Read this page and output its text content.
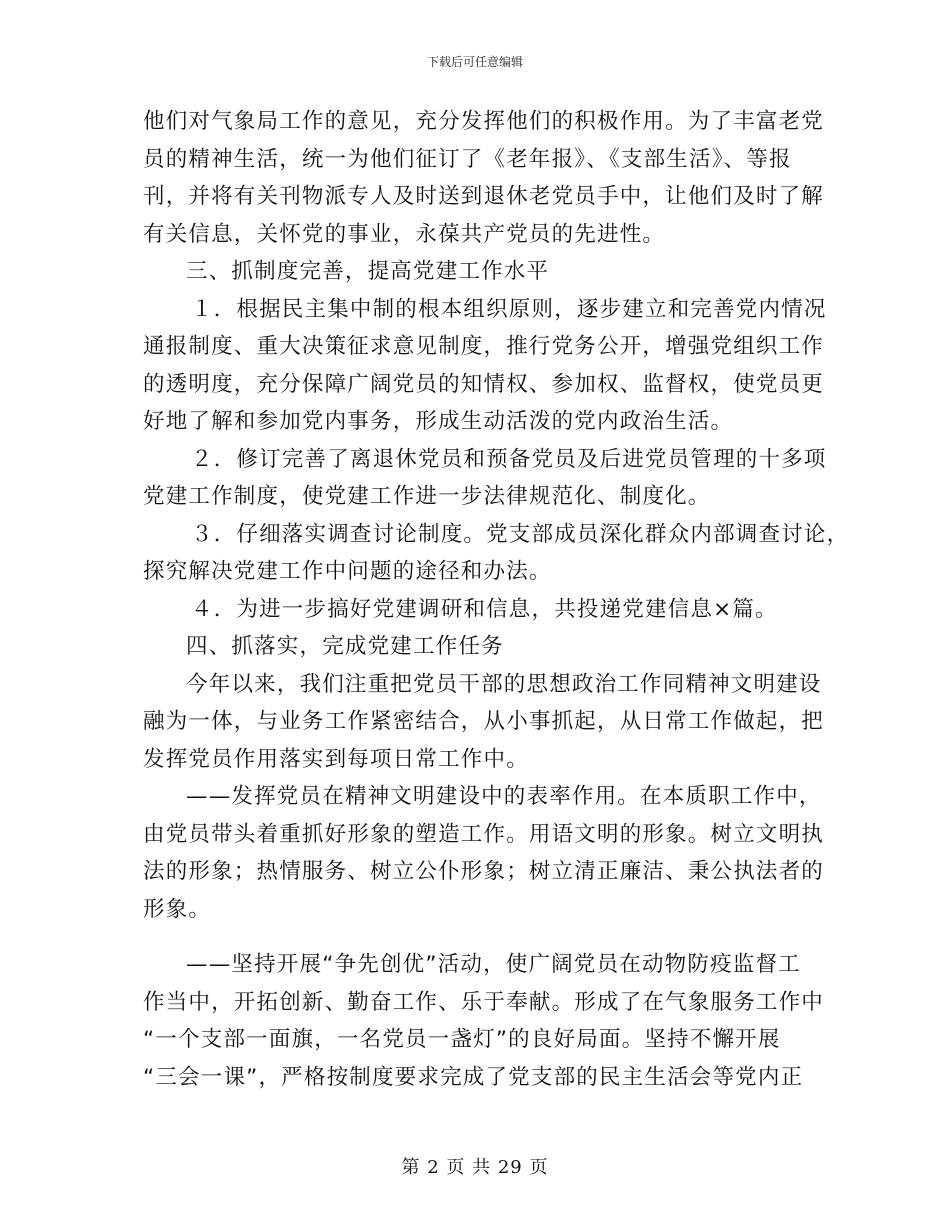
下载后可任意编辑
他们对气象局工作的意见，充分发挥他们的积极作用。为了丰富老党
员的精神生活，统一为他们征订了《老年报》、《支部生活》、等报
刊，并将有关刊物派专人及时送到退休老党员手中，让他们及时了解
有关信息，关怀党的事业，永葆共产党员的先进性。
三、抓制度完善，提高党建工作水平
１．根据民主集中制的根本组织原则，逐步建立和完善党内情况
通报制度、重大决策征求意见制度，推行党务公开，增强党组织工作
的透明度，充分保障广阔党员的知情权、参加权、监督权，使党员更
好地了解和参加党内事务，形成生动活泼的党内政治生活。
２．修订完善了离退休党员和预备党员及后进党员管理的十多项
党建工作制度，使党建工作进一步法律规范化、制度化。
３．仔细落实调查讨论制度。党支部成员深化群众内部调查讨论，
探究解决党建工作中问题的途径和办法。
４．为进一步搞好党建调研和信息，共投递党建信息×篇。
四、抓落实，完成党建工作任务
今年以来，我们注重把党员干部的思想政治工作同精神文明建设
融为一体，与业务工作紧密结合，从小事抓起，从日常工作做起，把
发挥党员作用落实到每项日常工作中。
——发挥党员在精神文明建设中的表率作用。在本质职工作中，
由党员带头着重抓好形象的塑造工作。用语文明的形象。树立文明执
法的形象；热情服务、树立公仆形象；树立清正廉洁、秉公执法者的
形象。
——坚持开展“争先创优”活动，使广阔党员在动物防疫监督工
作当中，开拓创新、勤奋工作、乐于奉献。形成了在气象服务工作中
“一个支部一面旗，一名党员一盏灯”的良好局面。坚持不懈开展
“三会一课”，严格按制度要求完成了党支部的民主生活会等党内正
第 2 页 共 29 页
